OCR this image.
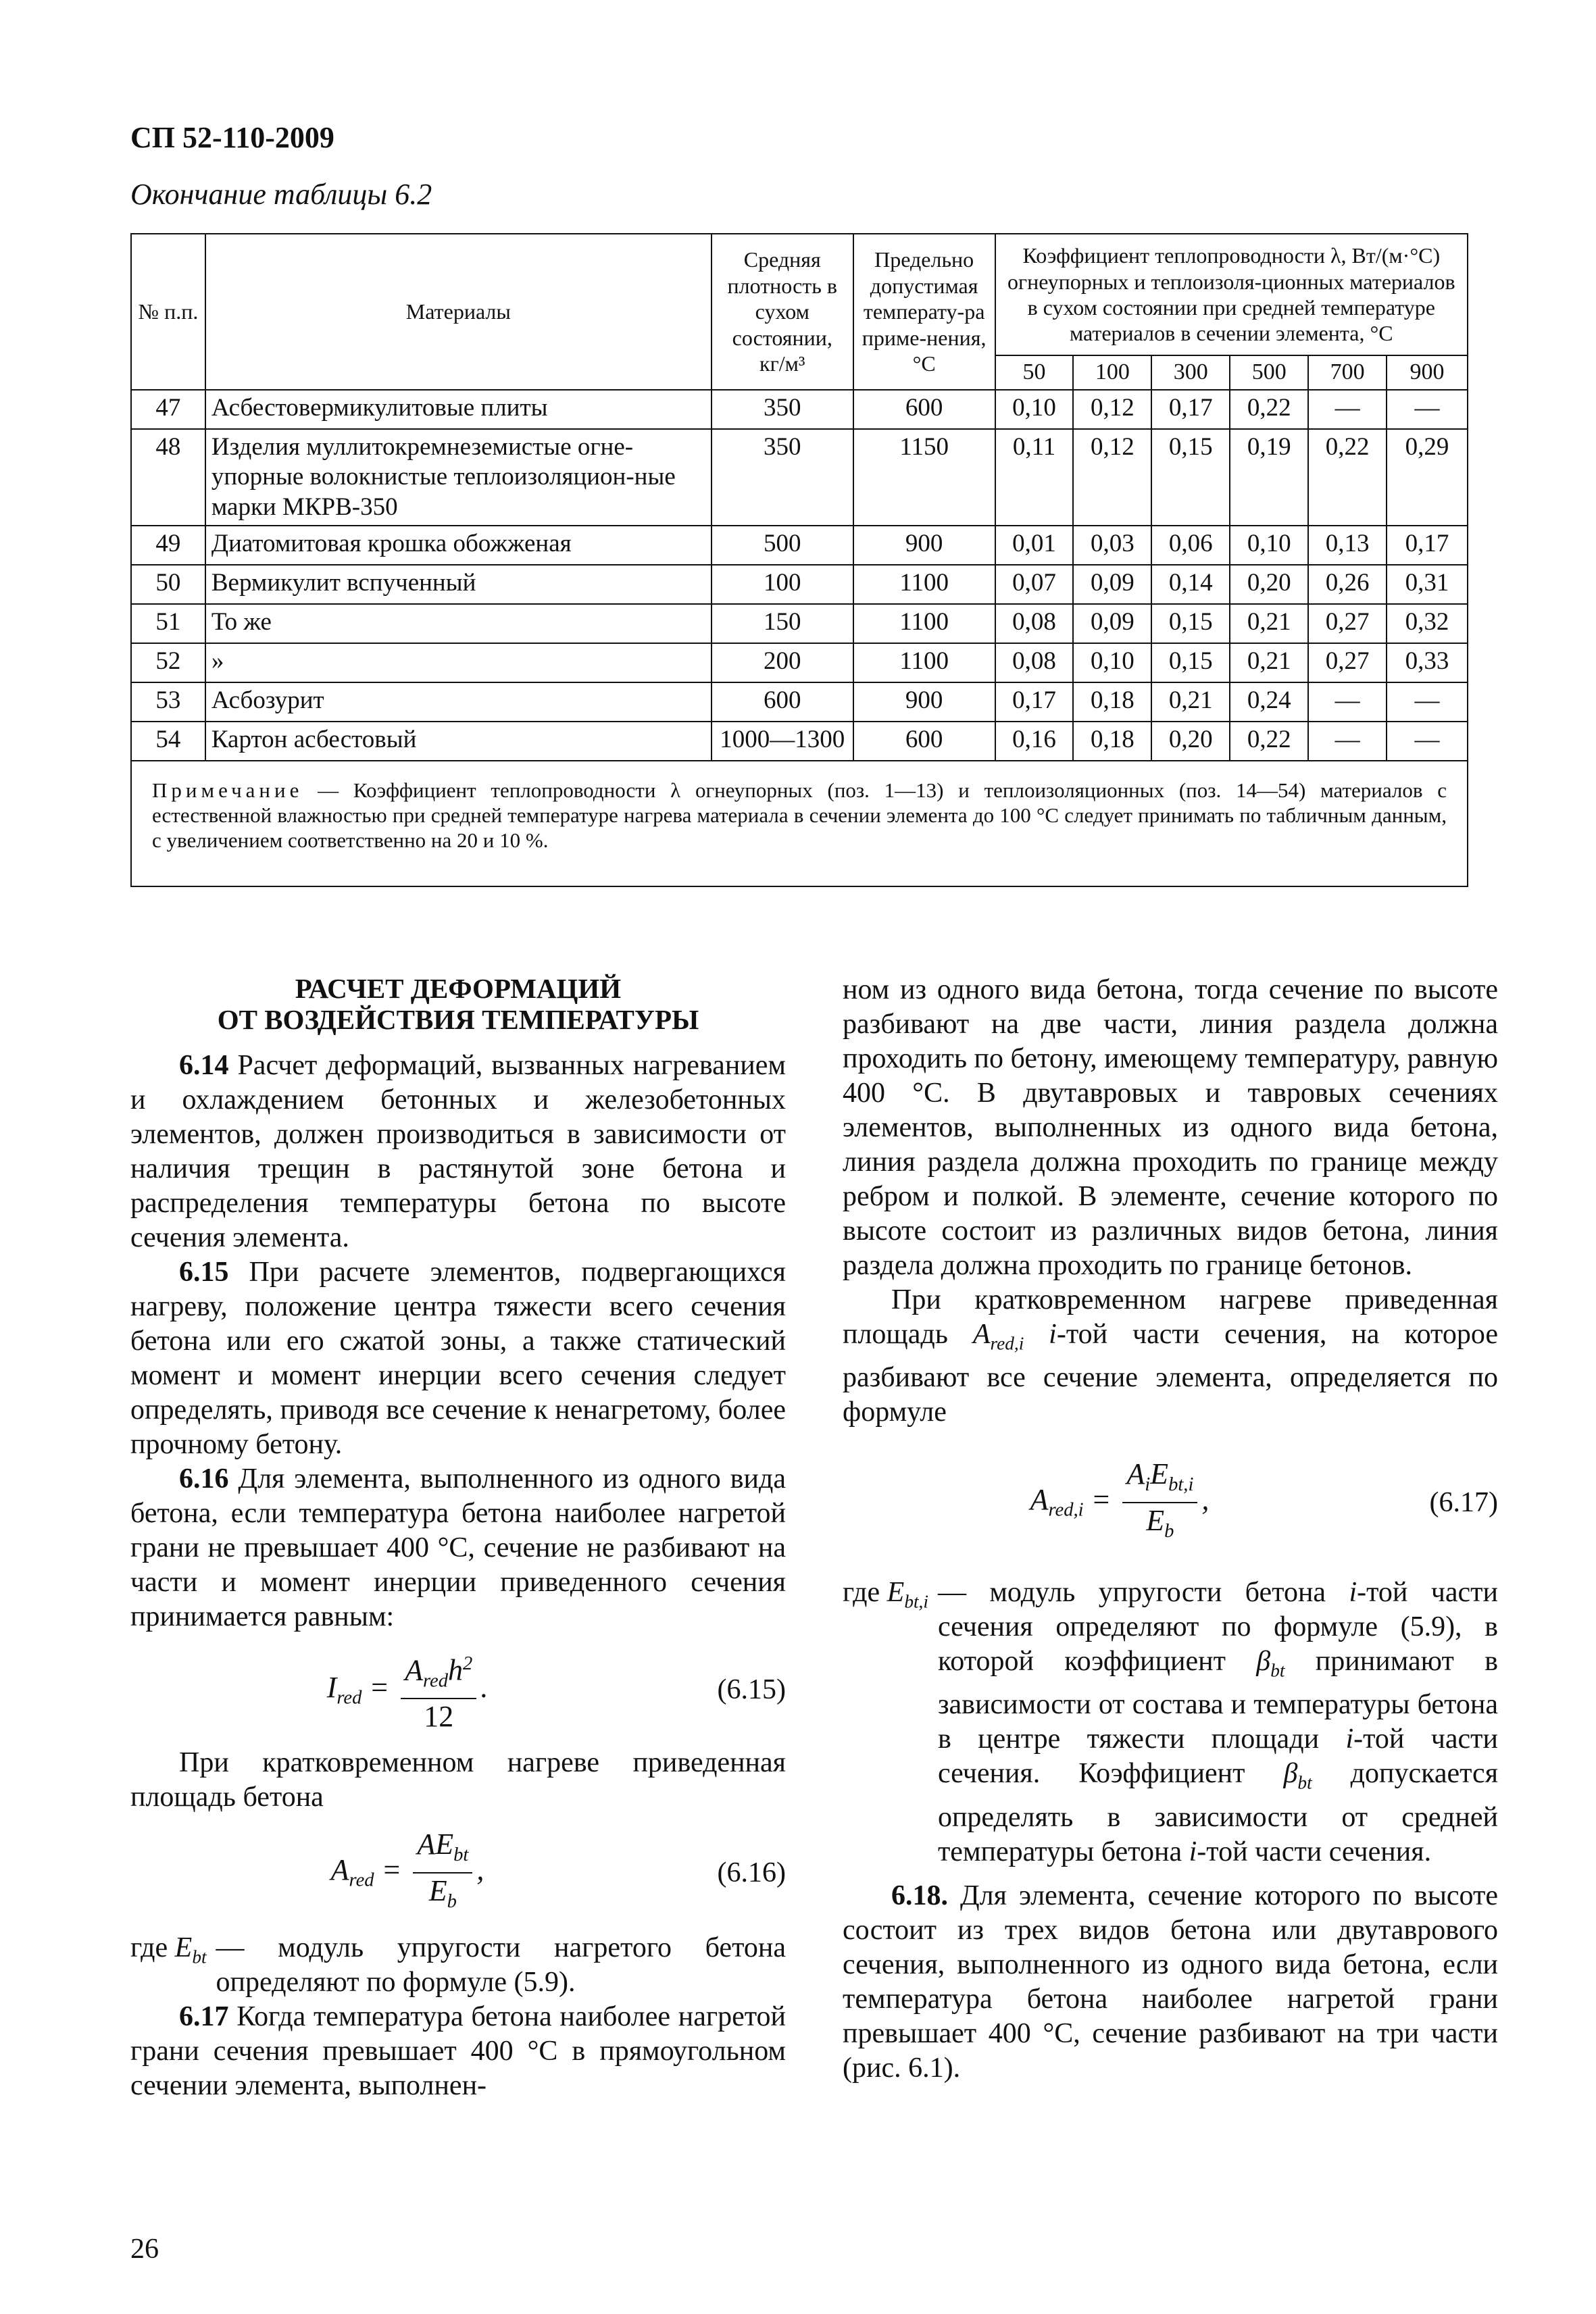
СП 52-110-2009
Окончание таблицы 6.2
№ п.п.	Материалы	Средняя плотность в сухом состоянии, кг/м³	Предельно допустимая температу-ра приме-нения, °С	Коэффициент теплопроводности λ, Вт/(м·°С) огнеупорных и теплоизоля-ционных материалов в сухом состоянии при средней температуре материалов в сечении элемента, °С					
				50	100	300	500	700	900
47	Асбестовермикулитовые плиты	350	600	0,10	0,12	0,17	0,22	—	—
48	Изделия муллитокремнеземистые огне-упорные волокнистые теплоизоляцион-ные марки МКРВ-350	350	1150	0,11	0,12	0,15	0,19	0,22	0,29
49	Диатомитовая крошка обожженая	500	900	0,01	0,03	0,06	0,10	0,13	0,17
50	Вермикулит вспученный	100	1100	0,07	0,09	0,14	0,20	0,26	0,31
51	То же	150	1100	0,08	0,09	0,15	0,21	0,27	0,32
52	»	200	1100	0,08	0,10	0,15	0,21	0,27	0,33
53	Асбозурит	600	900	0,17	0,18	0,21	0,24	—	—
54	Картон асбестовый	1000—1300	600	0,16	0,18	0,20	0,22	—	—
Примечание — Коэффициент теплопроводности λ огнеупорных (поз. 1—13) и теплоизоляционных (поз. 14—54) материалов с естественной влажностью при средней температуре нагрева материала в сечении элемента до 100 °С следует принимать по табличным данным, с увеличением соответственно на 20 и 10 %.									
РАСЧЕТ ДЕФОРМАЦИЙ
ОТ ВОЗДЕЙСТВИЯ ТЕМПЕРАТУРЫ

6.14 Расчет деформаций, вызванных нагреванием и охлаждением бетонных и железобетонных элементов, должен производиться в зависимости от наличия трещин в растянутой зоне бетона и распределения температуры бетона по высоте сечения элемента.

6.15 При расчете элементов, подвергающихся нагреву, положение центра тяжести всего сечения бетона или его сжатой зоны, а также статический момент и момент инерции всего сечения следует определять, приводя все сечение к ненагретому, более прочному бетону.

6.16 Для элемента, выполненного из одного вида бетона, если температура бетона наиболее нагретой грани не превышает 400 °С, сечение не разбивают на части и момент инерции приведенного сечения принимается равным:

$I_{red} = \frac{A_{red}h^2}{12}$ .	(6.15)

При кратковременном нагреве приведенная площадь бетона

$A_{red} = \frac{AE_{bt}}{E_b}$ ,	(6.16)
где $E_{bt}$ — модуль упругости нагретого бетона определяют по формуле (5.9).

6.17 Когда температура бетона наиболее нагретой грани сечения превышает 400 °С в прямоугольном сечении элемента, выполнен-

ном из одного вида бетона, тогда сечение по высоте разбивают на две части, линия раздела должна проходить по бетону, имеющему температуру, равную 400 °С. В двутавровых и тавровых сечениях элементов, выполненных из одного вида бетона, линия раздела должна проходить по границе между ребром и полкой. В элементе, сечение которого по высоте состоит из различных видов бетона, линия раздела должна проходить по границе бетонов.

При кратковременном нагреве приведенная площадь $A_{red,i}$ i-той части сечения, на которое разбивают все сечение элемента, определяется по формуле

$A_{red,i} = \frac{A_iE_{bt,i}}{E_b}$ ,	(6.17)
где $E_{bt,i}$ — модуль упругости бетона i-той части сечения определяют по формуле (5.9), в которой коэффициент $\beta_{bt}$ принимают в зависимости от состава и температуры бетона в центре тяжести площади i-той части сечения. Коэффициент $\beta_{bt}$ допускается определять в зависимости от средней температуры бетона i-той части сечения.

6.18. Для элемента, сечение которого по высоте состоит из трех видов бетона или двутаврового сечения, выполненного из одного вида бетона, если температура бетона наиболее нагретой грани превышает 400 °С, сечение разбивают на три части (рис. 6.1).

26
